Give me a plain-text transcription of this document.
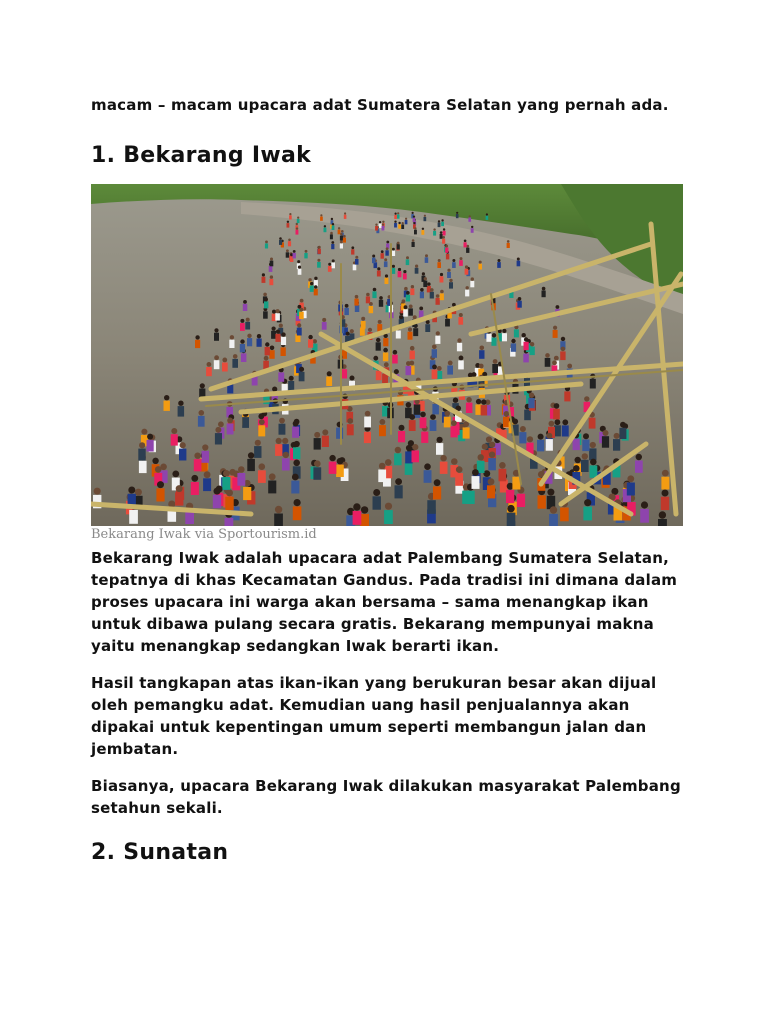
macam – macam upacara adat Sumatera Selatan yang pernah ada.

1. Bekarang Iwak

Bekarang Iwak via Sportourism.id

Bekarang Iwak adalah upacara adat Palembang Sumatera Selatan, tepatnya di khas Kecamatan Gandus. Pada tradisi ini dimana dalam proses upacara ini warga akan bersama – sama menangkap ikan untuk dibawa pulang secara gratis. Bekarang mempunyai makna yaitu menangkap sedangkan Iwak berarti ikan.

Hasil tangkapan atas ikan-ikan yang berukuran besar akan dijual oleh pemangku adat. Kemudian uang hasil penjualannya akan dipakai untuk kepentingan umum seperti membangun jalan dan jembatan.

Biasanya, upacara Bekarang Iwak dilakukan masyarakat Palembang setahun sekali.

2. Sunatan
